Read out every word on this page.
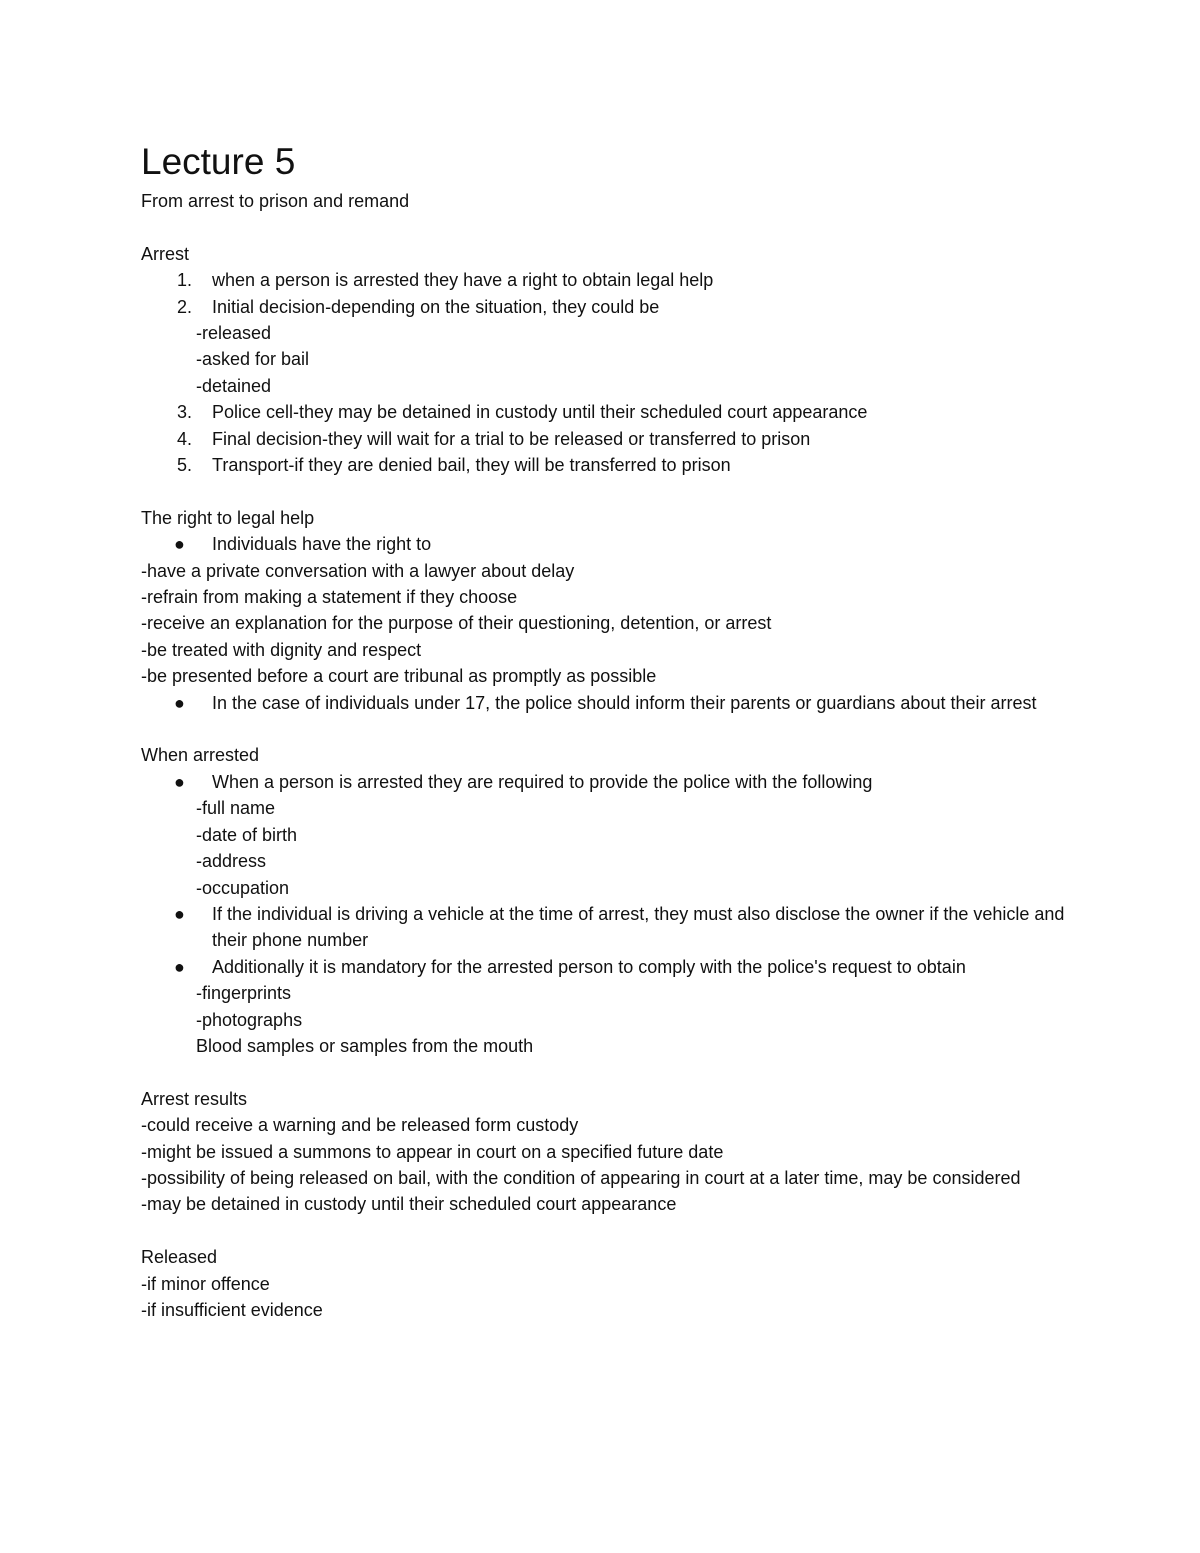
Lecture 5
From arrest to prison and remand
Arrest
1.	when a person is arrested they have a right to obtain legal help
2.	Initial decision-depending on the situation, they could be
-released
-asked for bail
-detained
3.	Police cell-they may be detained in custody until their scheduled court appearance
4.	Final decision-they will wait for a trial to be released or transferred to prison
5.	Transport-if they are denied bail, they will be transferred to prison
The right to legal help
● Individuals have the right to
-have a private conversation with a lawyer about delay
-refrain from making a statement if they choose
-receive an explanation for the purpose of their questioning, detention, or arrest
-be treated with dignity and respect
-be presented before a court are tribunal as promptly as possible
● In the case of individuals under 17, the police should inform their parents or guardians about their arrest
When arrested
● When a person is arrested they are required to provide the police with the following
-full name
-date of birth
-address
-occupation
● If the individual is driving a vehicle at the time of arrest, they must also disclose the owner if the vehicle and their phone number
● Additionally it is mandatory for the arrested person to comply with the police's request to obtain
-fingerprints
-photographs
Blood samples or samples from the mouth
Arrest results
-could receive a warning and be released form custody
-might be issued a summons to appear in court on a specified future date
-possibility of being released on bail, with the condition of appearing in court at a later time, may be considered
-may be detained in custody until their scheduled court appearance
Released
-if minor offence
-if insufficient evidence
